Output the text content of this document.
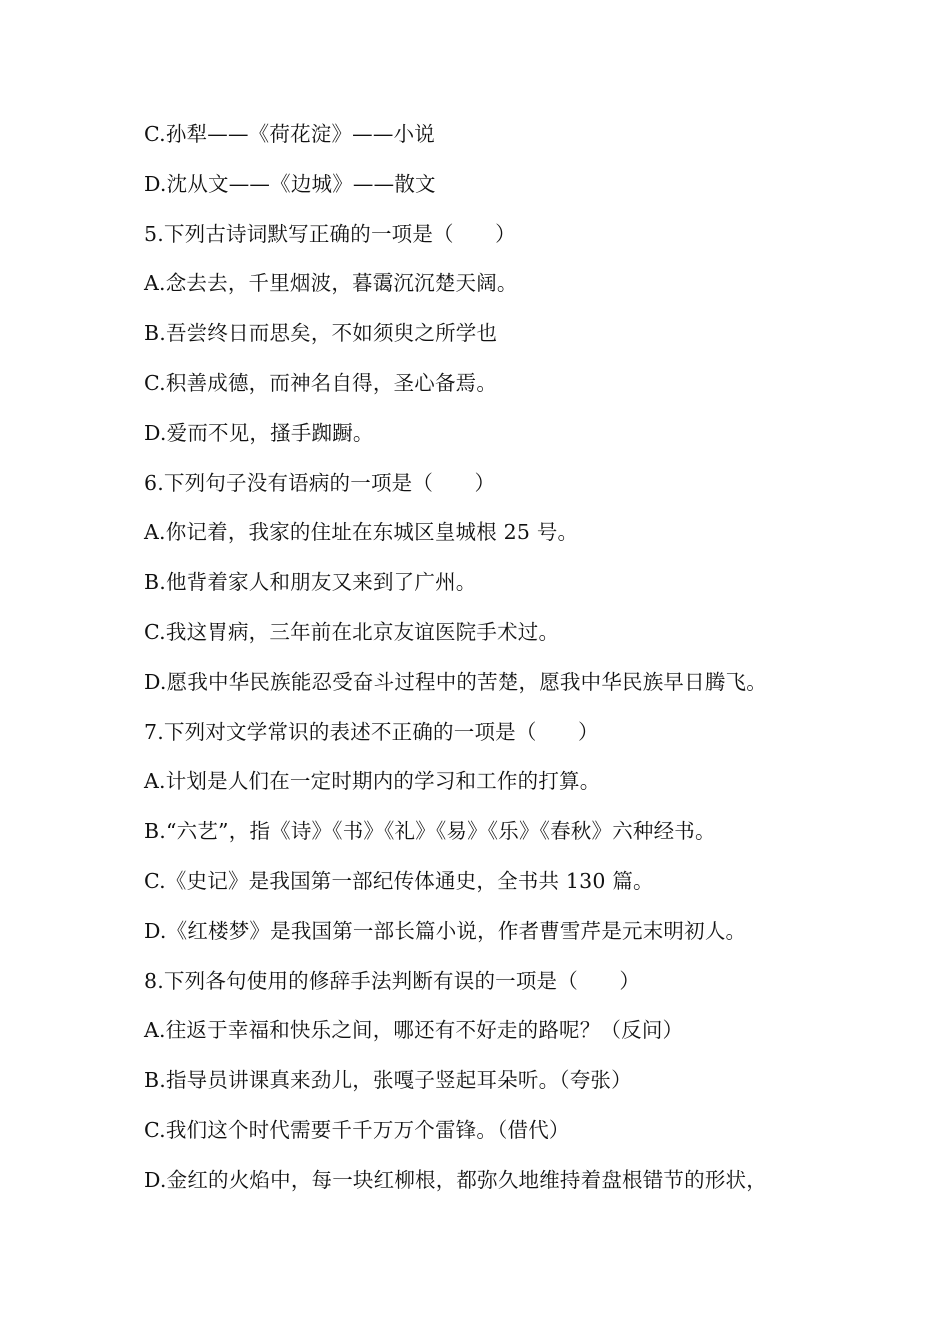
C.孙犁——《荷花淀》——小说
D.沈从文——《边城》——散文
5.下列古诗词默写正确的一项是（　　）
A.念去去，千里烟波，暮霭沉沉楚天阔。
B.吾尝终日而思矣，不如须臾之所学也
C.积善成德，而神名自得，圣心备焉。
D.爱而不见，搔手踟蹰。
6.下列句子没有语病的一项是（　　）
A.你记着，我家的住址在东城区皇城根 25 号。
B.他背着家人和朋友又来到了广州。
C.我这胃病，三年前在北京友谊医院手术过。
D.愿我中华民族能忍受奋斗过程中的苦楚，愿我中华民族早日腾飞。
7.下列对文学常识的表述不正确的一项是（　　）
A.计划是人们在一定时期内的学习和工作的打算。
B.“六艺”，指《诗》《书》《礼》《易》《乐》《春秋》六种经书。
C.《史记》是我国第一部纪传体通史，全书共 130 篇。
D.《红楼梦》是我国第一部长篇小说，作者曹雪芹是元末明初人。
8.下列各句使用的修辞手法判断有误的一项是（　　）
A.往返于幸福和快乐之间，哪还有不好走的路呢？（反问）
B.指导员讲课真来劲儿，张嘎子竖起耳朵听。（夸张）
C.我们这个时代需要千千万万个雷锋。（借代）
D.金红的火焰中，每一块红柳根，都弥久地维持着盘根错节的形状，
